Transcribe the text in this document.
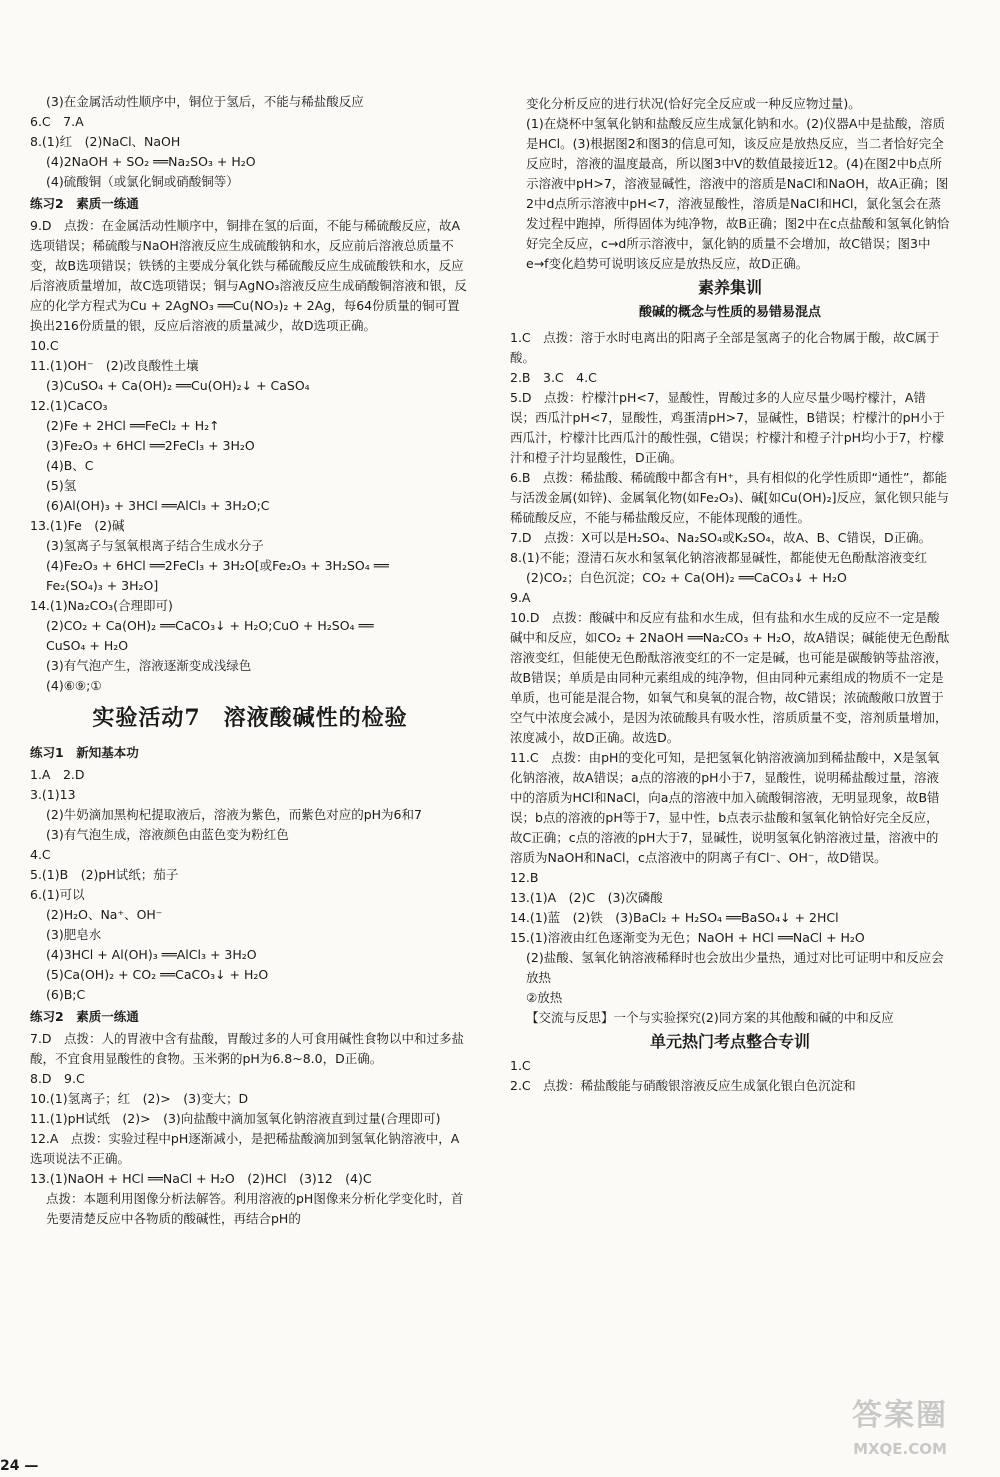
(3)在金属活动性顺序中，铜位于氢后，不能与稀盐酸反应
6.C　7.A
8.(1)红　(2)NaCl、NaOH
(4)2NaOH + SO₂ ══Na₂SO₃ + H₂O
(4)硫酸铜（或氯化铜或硝酸铜等）
练习2　素质一练通
9.D　点拨：在金属活动性顺序中，铜排在氢的后面，不能与稀硫酸反应，故A选项错误；稀硫酸与NaOH溶液反应生成硫酸钠和水，反应前后溶液总质量不变，故B选项错误；铁锈的主要成分氧化铁与稀硫酸反应生成硫酸铁和水，反应后溶液质量增加，故C选项错误；铜与AgNO₃溶液反应生成硝酸铜溶液和银，反应的化学方程式为Cu + 2AgNO₃ ══Cu(NO₃)₂ + 2Ag，每64份质量的铜可置换出216份质量的银，反应后溶液的质量减少，故D选项正确。
10.C
11.(1)OH⁻　(2)改良酸性土壤
(3)CuSO₄ + Ca(OH)₂ ══Cu(OH)₂↓ + CaSO₄
12.(1)CaCO₃
(2)Fe + 2HCl ══FeCl₂ + H₂↑
(3)Fe₂O₃ + 6HCl ══2FeCl₃ + 3H₂O
(4)B、C
(5)氢
(6)Al(OH)₃ + 3HCl ══AlCl₃ + 3H₂O;C
13.(1)Fe　(2)碱
(3)氢离子与氢氧根离子结合生成水分子
(4)Fe₂O₃ + 6HCl ══2FeCl₃ + 3H₂O[或Fe₂O₃ + 3H₂SO₄ ══
Fe₂(SO₄)₃ + 3H₂O]
14.(1)Na₂CO₃(合理即可)
(2)CO₂ + Ca(OH)₂ ══CaCO₃↓ + H₂O;CuO + H₂SO₄ ══
CuSO₄ + H₂O
(3)有气泡产生，溶液逐渐变成浅绿色
(4)⑥⑨;①
实验活动7　溶液酸碱性的检验
练习1　新知基本功
1.A　2.D
3.(1)13
(2)牛奶滴加黑枸杞提取液后，溶液为紫色，而紫色对应的pH为6和7
(3)有气泡生成，溶液颜色由蓝色变为粉红色
4.C
5.(1)B　(2)pH试纸；茄子
6.(1)可以
(2)H₂O、Na⁺、OH⁻
(3)肥皂水
(4)3HCl + Al(OH)₃ ══AlCl₃ + 3H₂O
(5)Ca(OH)₂ + CO₂ ══CaCO₃↓ + H₂O
(6)B;C
练习2　素质一练通
7.D　点拨：人的胃液中含有盐酸，胃酸过多的人可食用碱性食物以中和过多盐酸，不宜食用显酸性的食物。玉米粥的pH为6.8~8.0，D正确。
8.D　9.C
10.(1)氢离子；红　(2)>　(3)变大；D
11.(1)pH试纸　(2)>　(3)向盐酸中滴加氢氧化钠溶液直到过量(合理即可)
12.A　点拨：实验过程中pH逐渐减小，是把稀盐酸滴加到氢氧化钠溶液中，A选项说法不正确。
13.(1)NaOH + HCl ══NaCl + H₂O　(2)HCl　(3)12　(4)C
点拨：本题利用图像分析法解答。利用溶液的pH图像来分析化学变化时，首先要清楚反应中各物质的酸碱性，再结合pH的
变化分析反应的进行状况(恰好完全反应或一种反应物过量)。
(1)在烧杯中氢氧化钠和盐酸反应生成氯化钠和水。(2)仪器A中是盐酸，溶质是HCl。(3)根据图2和图3的信息可知，该反应是放热反应，当二者恰好完全反应时，溶液的温度最高，所以图3中V的数值最接近12。(4)在图2中b点所示溶液中pH>7，溶液显碱性，溶液中的溶质是NaCl和NaOH，故A正确；图2中d点所示溶液中pH<7，溶液显酸性，溶质是NaCl和HCl，氯化氢会在蒸发过程中跑掉，所得固体为纯净物，故B正确；图2中在c点盐酸和氢氧化钠恰好完全反应，c→d所示溶液中，氯化钠的质量不会增加，故C错误；图3中e→f变化趋势可说明该反应是放热反应，故D正确。
素养集训
酸碱的概念与性质的易错易混点
1.C　点拨：溶于水时电离出的阳离子全部是氢离子的化合物属于酸，故C属于酸。
2.B　3.C　4.C
5.D　点拨：柠檬汁pH<7，显酸性，胃酸过多的人应尽量少喝柠檬汁，A错误；西瓜汁pH<7，显酸性，鸡蛋清pH>7，显碱性，B错误；柠檬汁的pH小于西瓜汁，柠檬汁比西瓜汁的酸性强，C错误；柠檬汁和橙子汁pH均小于7，柠檬汁和橙子汁均显酸性，D正确。
6.B　点拨：稀盐酸、稀硫酸中都含有H⁺，具有相似的化学性质即“通性”，都能与活泼金属(如锌)、金属氧化物(如Fe₂O₃)、碱[如Cu(OH)₂]反应，氯化钡只能与稀硫酸反应，不能与稀盐酸反应，不能体现酸的通性。
7.D　点拨：X可以是H₂SO₄、Na₂SO₄或K₂SO₄，故A、B、C错误，D正确。
8.(1)不能；澄清石灰水和氢氧化钠溶液都显碱性，都能使无色酚酞溶液变红
(2)CO₂；白色沉淀；CO₂ + Ca(OH)₂ ══CaCO₃↓ + H₂O
9.A
10.D　点拨：酸碱中和反应有盐和水生成，但有盐和水生成的反应不一定是酸碱中和反应，如CO₂ + 2NaOH ══Na₂CO₃ + H₂O，故A错误；碱能使无色酚酞溶液变红，但能使无色酚酞溶液变红的不一定是碱，也可能是碳酸钠等盐溶液，故B错误；单质是由同种元素组成的纯净物，但由同种元素组成的物质不一定是单质，也可能是混合物，如氧气和臭氧的混合物，故C错误；浓硫酸敞口放置于空气中浓度会减小，是因为浓硫酸具有吸水性，溶质质量不变，溶剂质量增加，浓度减小，故D正确。故选D。
11.C　点拨：由pH的变化可知，是把氢氧化钠溶液滴加到稀盐酸中，X是氢氧化钠溶液，故A错误；a点的溶液的pH小于7，显酸性，说明稀盐酸过量，溶液中的溶质为HCl和NaCl，向a点的溶液中加入硫酸铜溶液，无明显现象，故B错误；b点的溶液的pH等于7，显中性，b点表示盐酸和氢氧化钠恰好完全反应，故C正确；c点的溶液的pH大于7，显碱性，说明氢氧化钠溶液过量，溶液中的溶质为NaOH和NaCl，c点溶液中的阴离子有Cl⁻、OH⁻，故D错误。
12.B
13.(1)A　(2)C　(3)次磷酸
14.(1)蓝　(2)铁　(3)BaCl₂ + H₂SO₄ ══BaSO₄↓ + 2HCl
15.(1)溶液由红色逐渐变为无色；NaOH + HCl ══NaCl + H₂O
(2)盐酸、氢氧化钠溶液稀释时也会放出少量热，通过对比可证明中和反应会放热
②放热
【交流与反思】一个与实验探究(2)同方案的其他酸和碱的中和反应
单元热门考点整合专训
1.C
2.C　点拨：稀盐酸能与硝酸银溶液反应生成氯化银白色沉淀和
24 —
答案圈
MXQE.COM
